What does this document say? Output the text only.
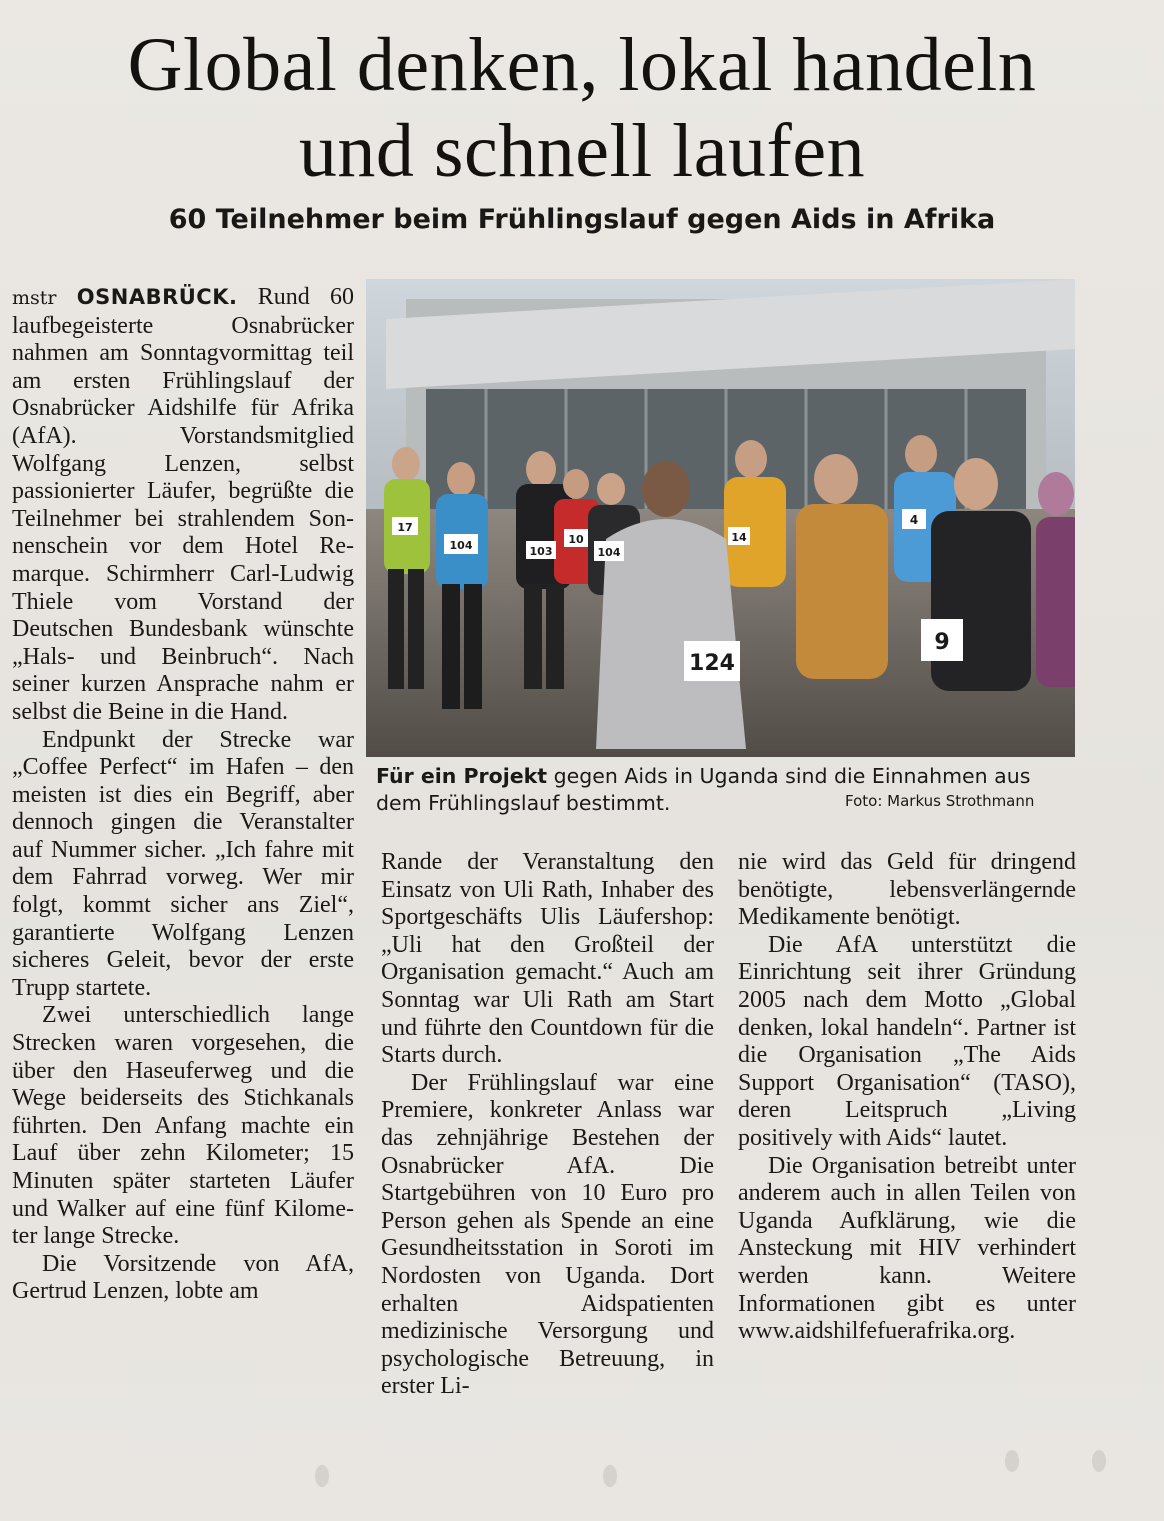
Global denken, lokal handeln
und schnell laufen
60 Teilnehmer beim Frühlingslauf gegen Aids in Afrika

mstr OSNABRÜCK. Rund 60 laufbegeisterte Osnabrücker nahmen am Sonntagvormittag teil am ersten Frühlingslauf der Osnabrücker Aidshilfe für Afrika (AfA). Vorstandsmitglied Wolfgang Lenzen, selbst passionierter Läufer, begrüßte die Teilnehmer bei strahlendem Sonnenschein vor dem Hotel Remarque. Schirmherr Carl-Ludwig Thiele vom Vorstand der Deutschen Bundesbank wünschte „Hals- und Beinbruch“. Nach seiner kurzen Ansprache nahm er selbst die Beine in die Hand.

Endpunkt der Strecke war „Coffee Perfect“ im Hafen – den meisten ist dies ein Begriff, aber dennoch gingen die Veranstalter auf Nummer sicher. „Ich fahre mit dem Fahrrad vorweg. Wer mir folgt, kommt sicher ans Ziel“, garantierte Wolfgang Lenzen sicheres Geleit, bevor der erste Trupp startete.

Zwei unterschiedlich lange Strecken waren vorgesehen, die über den Haseuferweg und die Wege beiderseits des Stichkanals führten. Den Anfang machte ein Lauf über zehn Kilometer; 15 Minuten später starteten Läufer und Walker auf eine fünf Kilometer lange Strecke.

Die Vorsitzende von AfA, Gertrud Lenzen, lobte am

17
104	103
10
104
14
4
9
124
Für ein Projekt gegen Aids in Uganda sind die Einnahmen aus dem Frühlingslauf bestimmt.	Foto: Markus Strothmann

Rande der Veranstaltung den Einsatz von Uli Rath, Inhaber des Sportgeschäfts Ulis Läufershop: „Uli hat den Großteil der Organisation gemacht.“ Auch am Sonntag war Uli Rath am Start und führte den Countdown für die Starts durch.

Der Frühlingslauf war eine Premiere, konkreter Anlass war das zehnjährige Bestehen der Osnabrücker AfA. Die Startgebühren von 10 Euro pro Person gehen als Spende an eine Gesundheitsstation in Soroti im Nordosten von Uganda. Dort erhalten Aidspatienten medizinische Versorgung und psychologische Betreuung, in erster Li-

nie wird das Geld für dringend benötigte, lebensverlängernde Medikamente benötigt.

Die AfA unterstützt die Einrichtung seit ihrer Gründung 2005 nach dem Motto „Global denken, lokal handeln“. Partner ist die Organisation „The Aids Support Organisation“ (TASO), deren Leitspruch „Living positively with Aids“ lautet.

Die Organisation betreibt unter anderem auch in allen Teilen von Uganda Aufklärung, wie die Ansteckung mit HIV verhindert werden kann. Weitere Informationen gibt es unter www.aidshilfefuerafrika.org.
